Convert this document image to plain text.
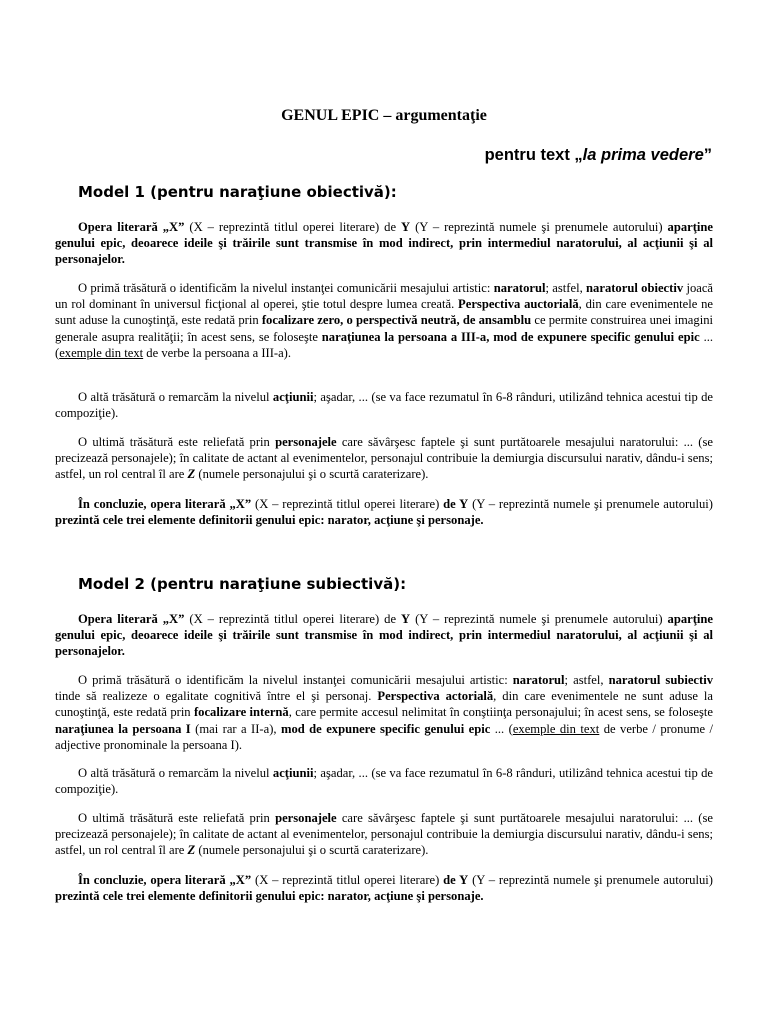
GENUL EPIC – argumentaţie
pentru text „la prima vedere”
Model 1 (pentru naraţiune obiectivă):
Opera literară „X” (X – reprezintă titlul operei literare) de Y (Y – reprezintă numele şi prenumele autorului) aparţine genului epic, deoarece ideile şi trăirile sunt transmise în mod indirect, prin intermediul naratorului, al acţiunii şi al personajelor.
O primă trăsătură o identificăm la nivelul instanţei comunicării mesajului artistic: naratorul; astfel, naratorul obiectiv joacă un rol dominant în universul ficţional al operei, ştie totul despre lumea creată. Perspectiva auctorială, din care evenimentele ne sunt aduse la cunoştinţă, este redată prin focalizare zero, o perspectivă neutră, de ansamblu ce permite construirea unei imagini generale asupra realităţii; în acest sens, se foloseşte naraţiunea la persoana a III-a, mod de expunere specific genului epic ... (exemple din text de verbe la persoana a III-a).
O altă trăsătură o remarcăm la nivelul acţiunii; aşadar, ... (se va face rezumatul în 6-8 rânduri, utilizând tehnica acestui tip de compoziţie).
O ultimă trăsătură este reliefată prin personajele care săvârşesc faptele şi sunt purtătoarele mesajului naratorului: ... (se precizează personajele); în calitate de actant al evenimentelor, personajul contribuie la demiurgia discursului narativ, dându-i sens; astfel, un rol central îl are Z (numele personajului şi o scurtă caraterizare).
În concluzie, opera literară „X” (X – reprezintă titlul operei literare) de Y (Y – reprezintă numele şi prenumele autorului) prezintă cele trei elemente definitorii genului epic: narator, acţiune şi personaje.
Model 2 (pentru naraţiune subiectivă):
Opera literară „X” (X – reprezintă titlul operei literare) de Y (Y – reprezintă numele şi prenumele autorului) aparţine genului epic, deoarece ideile şi trăirile sunt transmise în mod indirect, prin intermediul naratorului, al acţiunii şi al personajelor.
O primă trăsătură o identificăm la nivelul instanţei comunicării mesajului artistic: naratorul; astfel, naratorul subiectiv tinde să realizeze o egalitate cognitivă între el şi personaj. Perspectiva actorială, din care evenimentele ne sunt aduse la cunoştinţă, este redată prin focalizare internă, care permite accesul nelimitat în conştiinţa personajului; în acest sens, se foloseşte naraţiunea la persoana I (mai rar a II-a), mod de expunere specific genului epic ... (exemple din text de verbe / pronume / adjective pronominale la persoana I).
O altă trăsătură o remarcăm la nivelul acţiunii; aşadar, ... (se va face rezumatul în 6-8 rânduri, utilizând tehnica acestui tip de compoziţie).
O ultimă trăsătură este reliefată prin personajele care săvârşesc faptele şi sunt purtătoarele mesajului naratorului: ... (se precizează personajele); în calitate de actant al evenimentelor, personajul contribuie la demiurgia discursului narativ, dându-i sens; astfel, un rol central îl are Z (numele personajului şi o scurtă caraterizare).
În concluzie, opera literară „X” (X – reprezintă titlul operei literare) de Y (Y – reprezintă numele şi prenumele autorului) prezintă cele trei elemente definitorii genului epic: narator, acţiune şi personaje.
